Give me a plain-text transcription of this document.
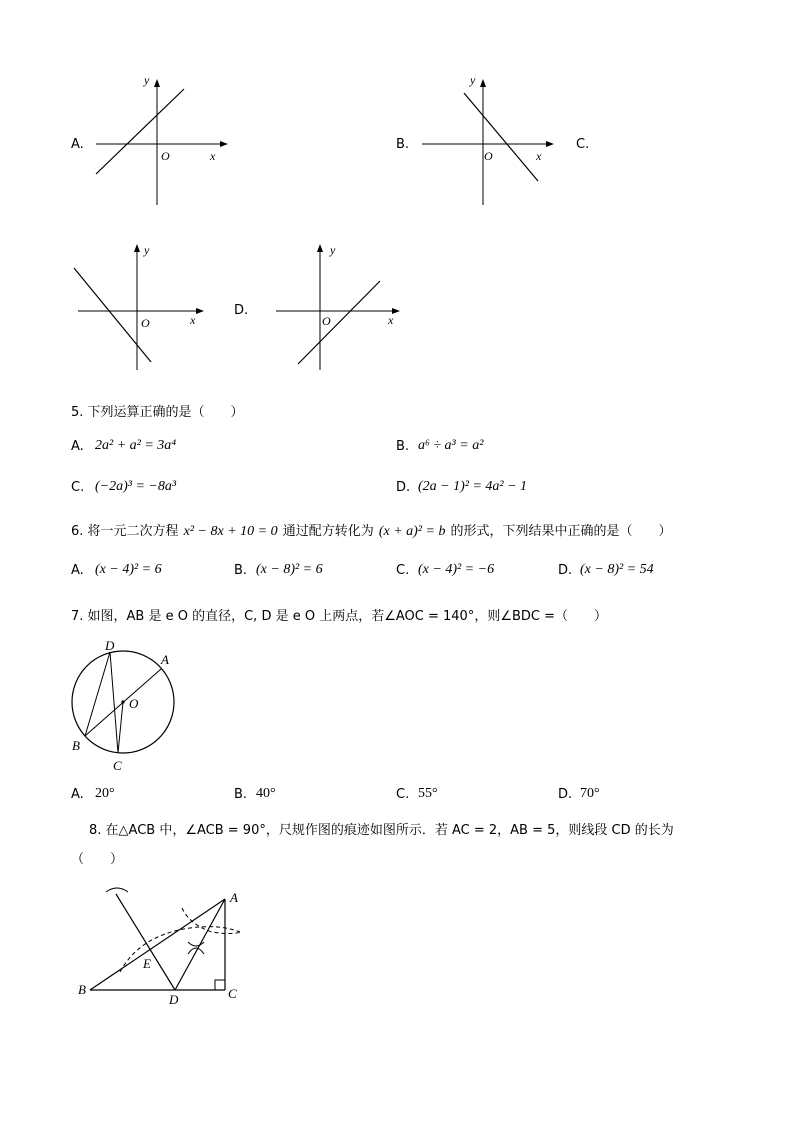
A.
y
x
O
B.
y
x
O
C.
y
x
O
D.
y
x
O
5. 下列运算正确的是（　　）
A. 2a² + a² = 3a⁴	B. a⁶ ÷ a³ = a²
C. (−2a)³ = −8a³	D. (2a − 1)² = 4a² − 1
6. 将一元二次方程 x² − 8x + 10 = 0 通过配方转化为 (x + a)² = b 的形式，下列结果中正确的是（　　）
A. (x − 4)² = 6	B. (x − 8)² = 6	C. (x − 4)² = −6	D. (x − 8)² = 54
7. 如图，AB 是 e O 的直径，C, D 是 e O 上两点，若∠AOC = 140°，则∠BDC =（　　）
D
A
O
B
C
A. 20°	B. 40°	C. 55°	D. 70°
8. 在△ACB 中，∠ACB = 90°，尺规作图的痕迹如图所示．若 AC = 2，AB = 5，则线段 CD 的长为
（　　）
A
B	C
D
E
